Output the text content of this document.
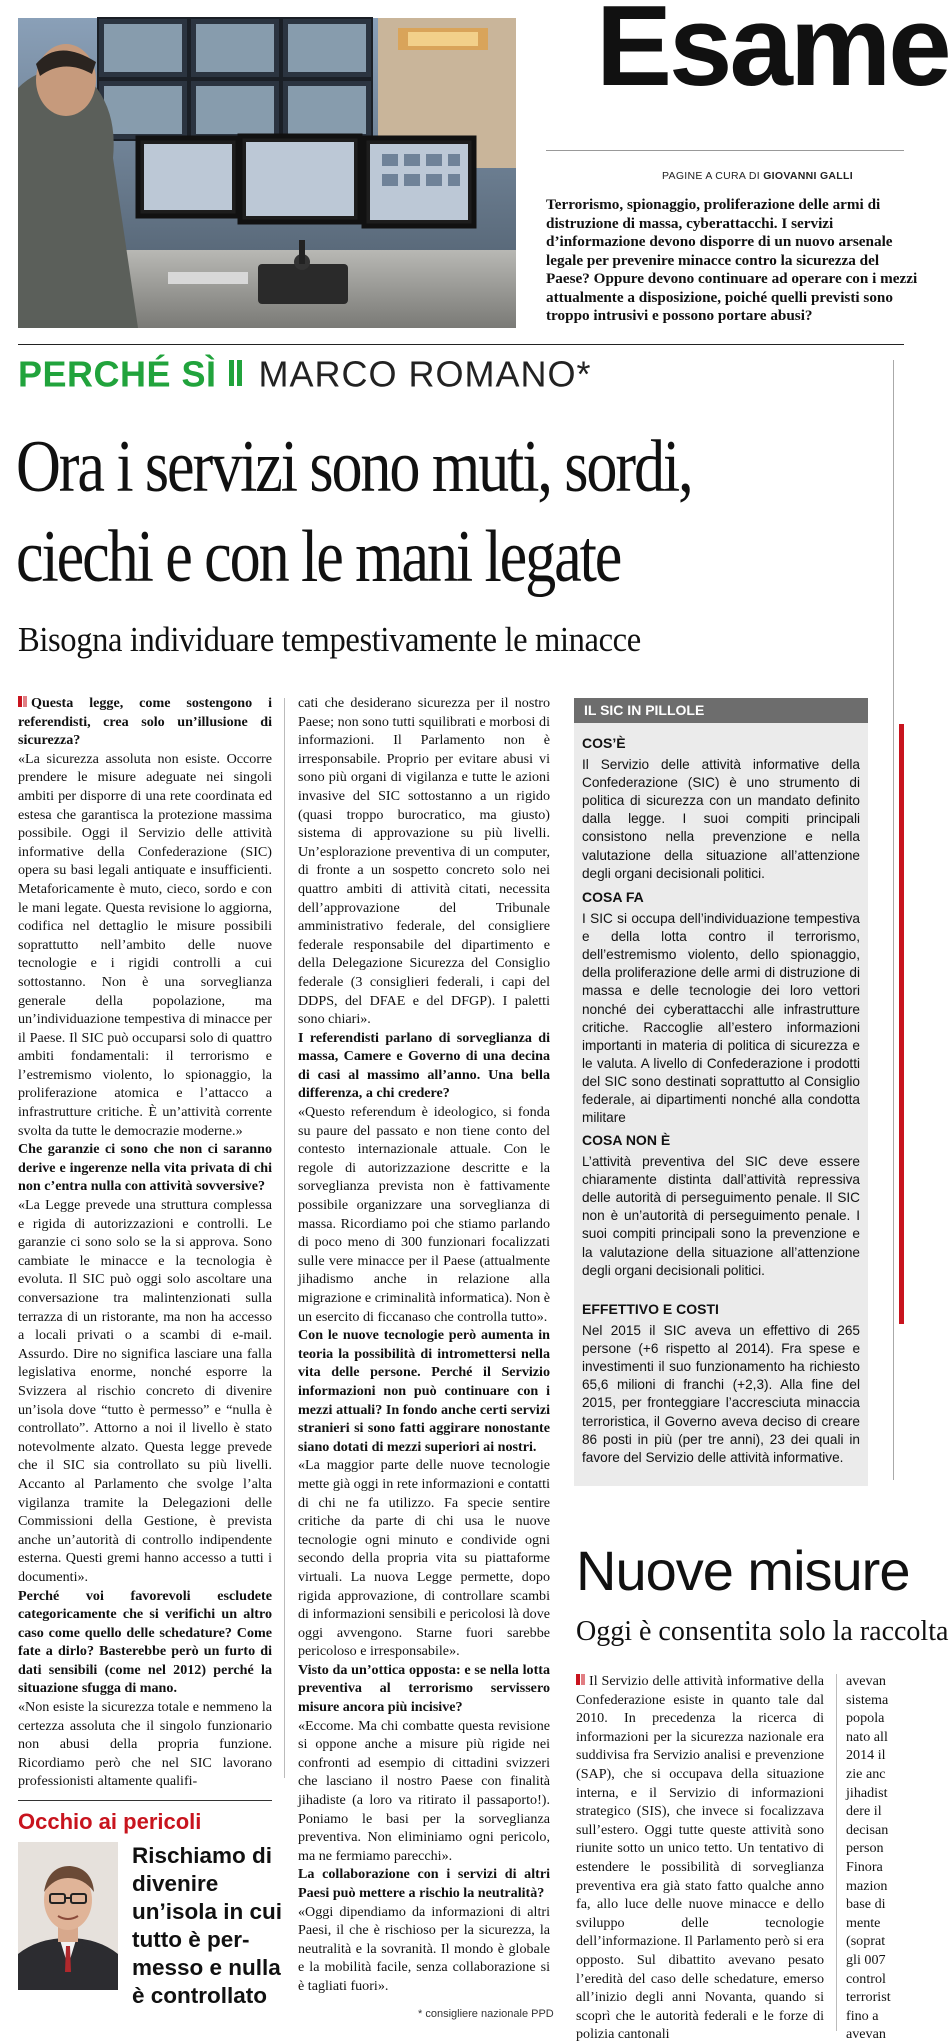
Esame
PAGINE A CURA DI GIOVANNI GALLI
Terrorismo, spionaggio, proliferazione delle armi di distruzione di massa, cyberattacchi. I servizi d’informazione devono disporre di un nuovo arsenale legale per prevenire minacce contro la sicurezza del Paese? Oppure devono continuare ad operare con i mezzi attualmente a disposizione, poiché quelli previsti sono troppo intrusivi e possono portare abusi?
PERCHÉ SÌ MARCO ROMANO*
Ora i servizi sono muti, sordi,
ciechi e con le mani legate
Bisogna individuare tempestivamente le minacce

Questa legge, come sostengono i referendisti, crea solo un’illusione di sicurezza?

«La sicurezza assoluta non esiste. Occorre prendere le misure adeguate nei singoli ambiti per disporre di una rete coordinata ed estesa che garantisca la protezione massima possibile. Oggi il Servizio delle attività informative della Confederazione (SIC) opera su basi legali antiquate e insufficienti. Metaforicamente è muto, cieco, sordo e con le mani legate. Questa revisione lo aggiorna, codifica nel dettaglio le misure possibili soprattutto nell’ambito delle nuove tecnologie e i rigidi controlli a cui sottostanno. Non è una sorveglianza generale della popolazione, ma un’individuazione tempestiva di minacce per il Paese. Il SIC può occuparsi solo di quattro ambiti fondamentali: il terrorismo e l’estremismo violento, lo spionaggio, la proliferazione atomica e l’attacco a infrastrutture critiche. È un’attività corrente svolta da tutte le democrazie moderne.»

Che garanzie ci sono che non ci saranno derive e ingerenze nella vita privata di chi non c’entra nulla con attività sovversive?

«La Legge prevede una struttura complessa e rigida di autorizzazioni e controlli. Le garanzie ci sono solo se la si approva. Sono cambiate le minacce e la tecnologia è evoluta. Il SIC può oggi solo ascoltare una conversazione tra malintenzionati sulla terrazza di un ristorante, ma non ha accesso a locali privati o a scambi di e-mail. Assurdo. Dire no significa lasciare una falla legislativa enorme, nonché esporre la Svizzera al rischio concreto di divenire un’isola dove “tutto è permesso” e “nulla è controllato”. Attorno a noi il livello è stato notevolmente alzato. Questa legge prevede che il SIC sia controllato su più livelli. Accanto al Parlamento che svolge l’alta vigilanza tramite la Delegazioni delle Commissioni della Gestione, è prevista anche un’autorità di controllo indipendente esterna. Questi gremi hanno accesso a tutti i documenti».

Perché voi favorevoli escludete categoricamente che si verifichi un altro caso come quello delle schedature? Come fate a dirlo? Basterebbe però un furto di dati sensibili (come nel 2012) perché la situazione sfugga di mano.

«Non esiste la sicurezza totale e nemmeno la certezza assoluta che il singolo funzionario non abusi della propria funzione. Ricordiamo però che nel SIC lavorano professionisti altamente qualifi-

cati che desiderano sicurezza per il nostro Paese; non sono tutti squilibrati e morbosi di informazioni. Il Parlamento non è irresponsabile. Proprio per evitare abusi vi sono più organi di vigilanza e tutte le azioni invasive del SIC sottostanno a un rigido (quasi troppo burocratico, ma giusto) sistema di approvazione su più livelli. Un’esplorazione preventiva di un computer, di fronte a un sospetto concreto solo nei quattro ambiti di attività citati, necessita dell’approvazione del Tribunale amministrativo federale, del consigliere federale responsabile del dipartimento e della Delegazione Sicurezza del Consiglio federale (3 consiglieri federali, i capi del DDPS, del DFAE e del DFGP). I paletti sono chiari».

I referendisti parlano di sorveglianza di massa, Camere e Governo di una decina di casi al massimo all’anno. Una bella differenza, a chi credere?

«Questo referendum è ideologico, si fonda su paure del passato e non tiene conto del contesto internazionale attuale. Con le regole di autorizzazione descritte e la sorveglianza prevista non è fattivamente possibile organizzare una sorveglianza di massa. Ricordiamo poi che stiamo parlando di poco meno di 300 funzionari focalizzati sulle vere minacce per il Paese (attualmente jihadismo anche in relazione alla migrazione e criminalità informatica). Non è un esercito di ficcanaso che controlla tutto».

Con le nuove tecnologie però aumenta in teoria la possibilità di intromettersi nella vita delle persone. Perché il Servizio informazioni non può continuare con i mezzi attuali? In fondo anche certi servizi stranieri si sono fatti aggirare nonostante siano dotati di mezzi superiori ai nostri.

«La maggior parte delle nuove tecnologie mette già oggi in rete informazioni e contatti di chi ne fa utilizzo. Fa specie sentire critiche da parte di chi usa le nuove tecnologie ogni minuto e condivide ogni secondo della propria vita su piattaforme virtuali. La nuova Legge permette, dopo rigida approvazione, di controllare scambi di informazioni sensibili e pericolosi là dove oggi avvengono. Starne fuori sarebbe pericoloso e irresponsabile».

Visto da un’ottica opposta: e se nella lotta preventiva al terrorismo servissero misure ancora più incisive?

«Eccome. Ma chi combatte questa revisione si oppone anche a misure più rigide nei confronti ad esempio di cittadini svizzeri che lasciano il nostro Paese con finalità jihadiste (a loro va ritirato il passaporto!). Poniamo le basi per la sorveglianza preventiva. Non eliminiamo ogni pericolo, ma ne fermiamo parecchi».

La collaborazione con i servizi di altri Paesi può mettere a rischio la neutralità?

«Oggi dipendiamo da informazioni di altri Paesi, il che è rischioso per la sicurezza, la neutralità e la sovranità. Il mondo è globale e la mobilità facile, senza collaborazione si è tagliati fuori».

* consigliere nazionale PPD
IL SIC IN PILLOLE
COS’È

Il Servizio delle attività informative della Confederazione (SIC) è uno strumento di politica di sicurezza con un mandato definito dalla legge. I suoi compiti principali consistono nella prevenzione e nella valutazione della situazione all’attenzione degli organi decisionali politici.

COSA FA

I SIC si occupa dell’individuazione tempestiva e della lotta contro il terrorismo, dell’estremismo violento, dello spionaggio, della proliferazione delle armi di distruzione di massa e delle tecnologie dei loro vettori nonché dei cyberattacchi alle infrastrutture critiche. Raccoglie all’estero informazioni importanti in materia di politica di sicurezza e le valuta. A livello di Confederazione i prodotti del SIC sono destinati soprattutto al Consiglio federale, ai dipartimenti nonché alla condotta militare

COSA NON È

L’attività preventiva del SIC deve essere chiaramente distinta dall’attività repressiva delle autorità di perseguimento penale. Il SIC non è un’autorità di perseguimento penale. I suoi compiti principali sono la prevenzione e la valutazione della situazione all’attenzione degli organi decisionali politici.

EFFETTIVO E COSTI

Nel 2015 il SIC aveva un effettivo di 265 persone (+6 rispetto al 2014). Fra spese e investimenti il suo funzionamento ha richiesto 65,6 milioni di franchi (+2,3). Alla fine del 2015, per fronteggiare l’accresciuta minaccia terroristica, il Governo aveva deciso di creare 86 posti in più (per tre anni), 23 dei quali in favore del Servizio delle attività informative.

Occhio ai pericoli
Rischiamo di divenire un’isola in cui tutto è per-messo e nulla è controllato
Nuove misure
Oggi è consentita solo la raccolta

Il Servizio delle attività informative della Confederazione esiste in quanto tale dal 2010. In precedenza la ricerca di informazioni per la sicurezza nazionale era suddivisa fra Servizio analisi e prevenzione (SAP), che si occupava della situazione interna, e il Servizio di informazioni strategico (SIS), che invece si focalizzava sull’estero. Oggi tutte queste attività sono riunite sotto un unico tetto. Un tentativo di estendere le possibilità di sorveglianza preventiva era già stato fatto qualche anno fa, allo luce delle nuove minacce e dello sviluppo delle tecnologie dell’informazione. Il Parlamento però si era opposto. Sul dibattito avevano pesato l’eredità del caso delle schedature, emerso all’inizio degli anni Novanta, quando si scoprì che le autorità federali e le forze di polizia cantonali

avevan
sistema
popola
nato all
2014 il
zie anc
jihadist
dere il
decisan
person
Finora
mazion
base di
mente
(soprat
gli 007
control
terrorist
fino a
avevan
